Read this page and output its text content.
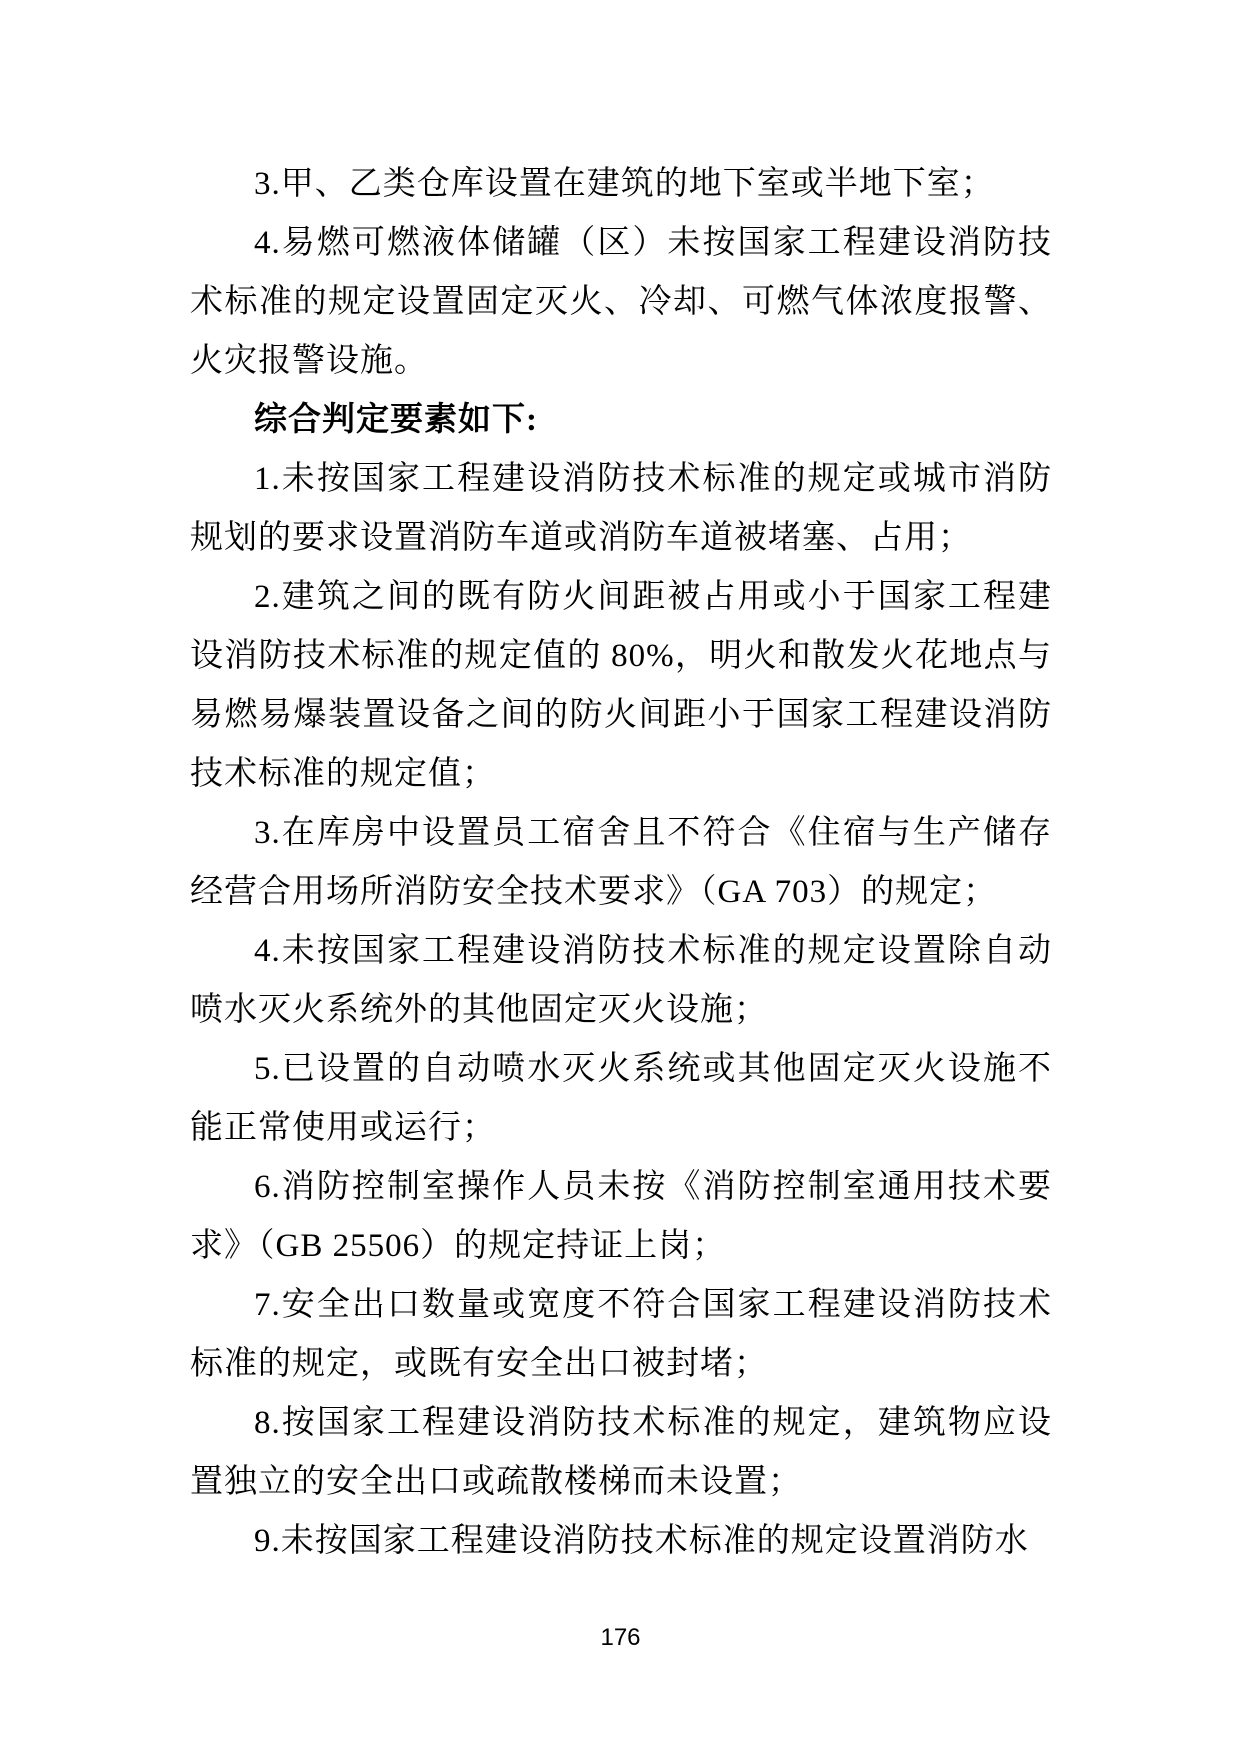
3.甲、乙类仓库设置在建筑的地下室或半地下室；

4.易燃可燃液体储罐（区）未按国家工程建设消防技术标准的规定设置固定灭火、冷却、可燃气体浓度报警、火灾报警设施。

综合判定要素如下:

1.未按国家工程建设消防技术标准的规定或城市消防规划的要求设置消防车道或消防车道被堵塞、占用；

2.建筑之间的既有防火间距被占用或小于国家工程建设消防技术标准的规定值的 80%，明火和散发火花地点与易燃易爆装置设备之间的防火间距小于国家工程建设消防技术标准的规定值；

3.在库房中设置员工宿舍且不符合《住宿与生产储存经营合用场所消防安全技术要求》（GA 703）的规定；

4.未按国家工程建设消防技术标准的规定设置除自动喷水灭火系统外的其他固定灭火设施；

5.已设置的自动喷水灭火系统或其他固定灭火设施不能正常使用或运行；

6.消防控制室操作人员未按《消防控制室通用技术要求》（GB 25506）的规定持证上岗；

7.安全出口数量或宽度不符合国家工程建设消防技术标准的规定，或既有安全出口被封堵；

8.按国家工程建设消防技术标准的规定，建筑物应设置独立的安全出口或疏散楼梯而未设置；

9.未按国家工程建设消防技术标准的规定设置消防水

176
